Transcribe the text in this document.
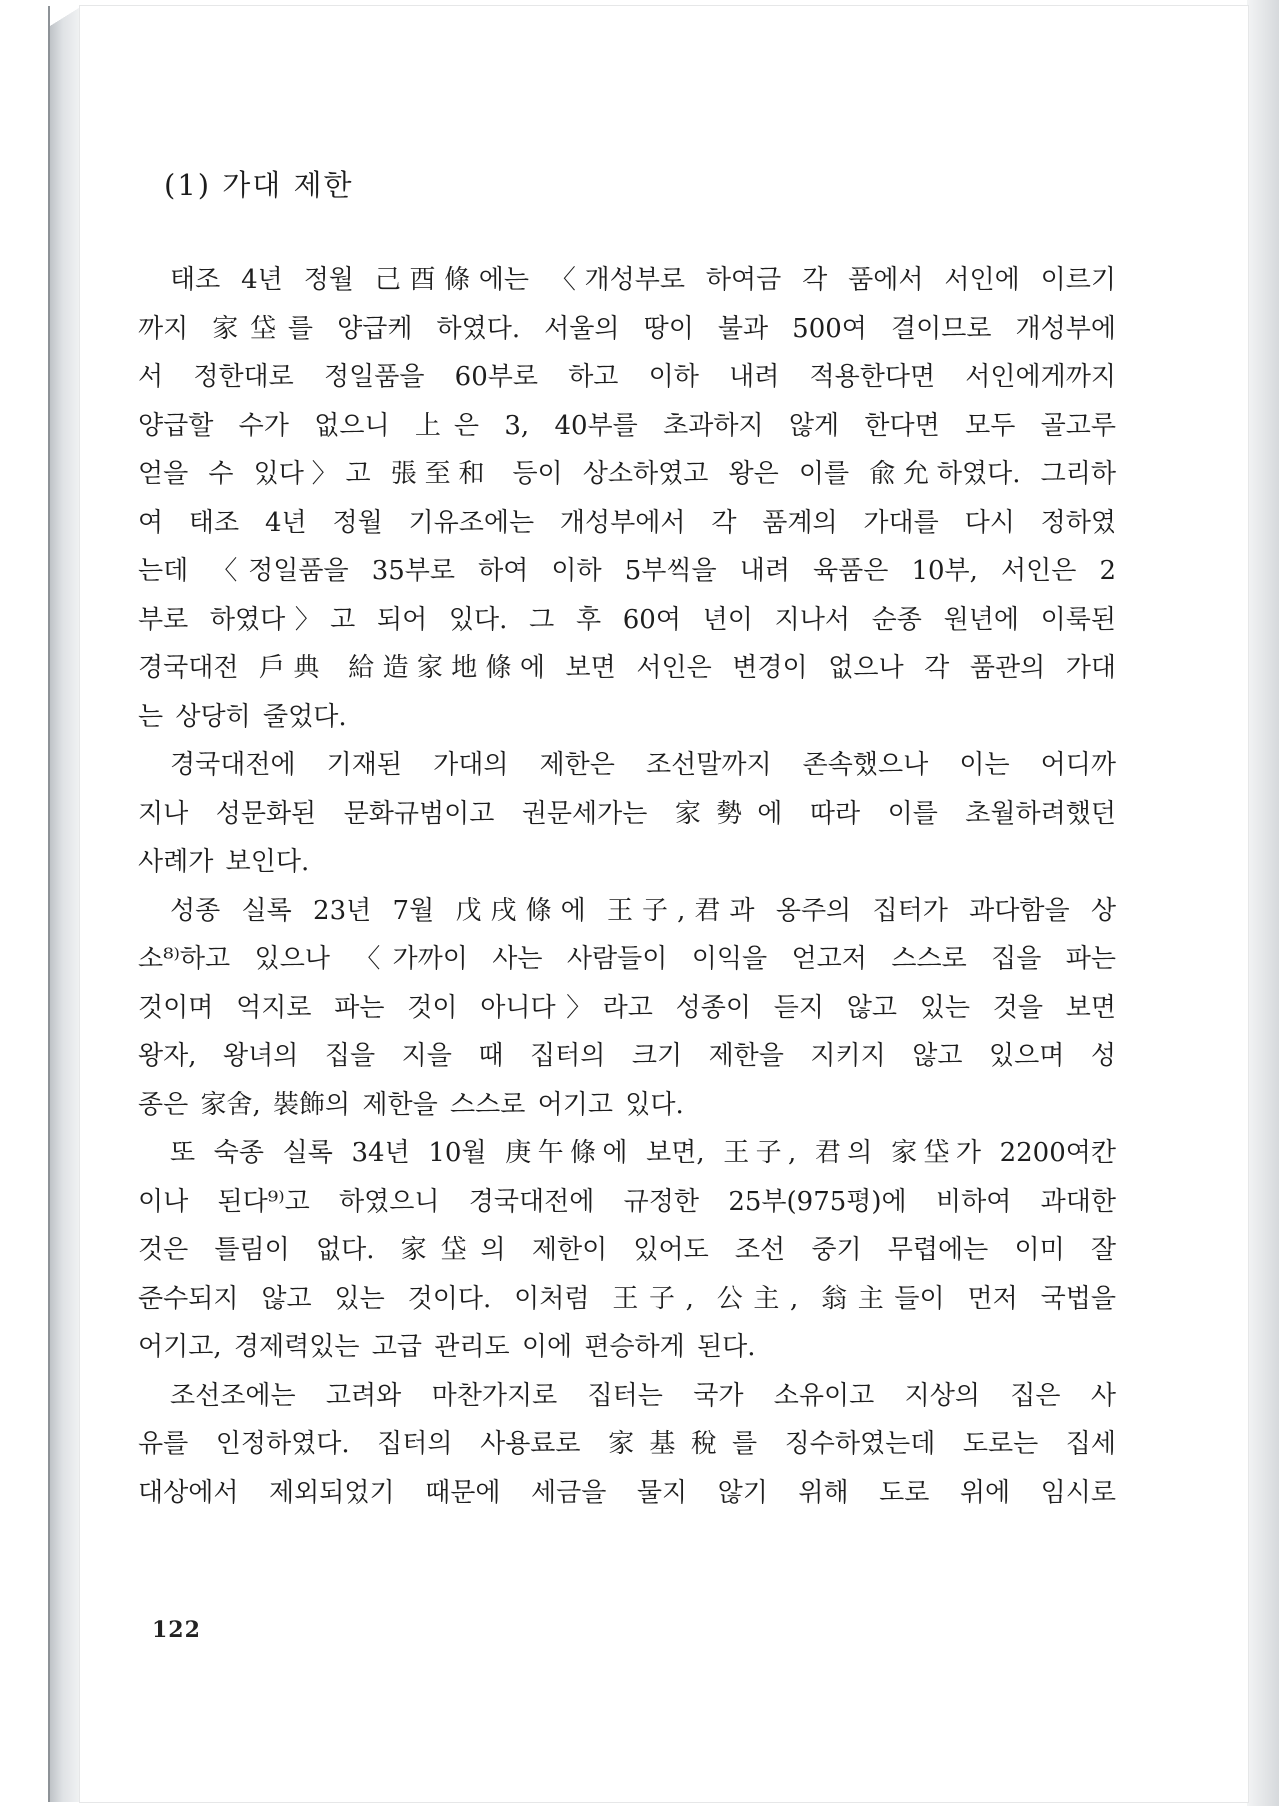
(1) 가대 제한
태조 4년 정월 己酉條에는 〈개성부로 하여금 각 품에서 서인에 이르기
까지 家垈를 양급케 하였다. 서울의 땅이 불과 500여 결이므로 개성부에
서 정한대로 정일품을 60부로 하고 이하 내려 적용한다면 서인에게까지
양급할 수가 없으니 上은 3, 40부를 초과하지 않게 한다면 모두 골고루
얻을 수 있다〉고 張至和 등이 상소하였고 왕은 이를 兪允하였다. 그리하
여 태조 4년 정월 기유조에는 개성부에서 각 품계의 가대를 다시 정하였
는데 〈정일품을 35부로 하여 이하 5부씩을 내려 육품은 10부, 서인은 2
부로 하였다〉고 되어 있다. 그 후 60여 년이 지나서 순종 원년에 이룩된
경국대전 戶典 給造家地條에 보면 서인은 변경이 없으나 각 품관의 가대
는 상당히 줄었다.
경국대전에 기재된 가대의 제한은 조선말까지 존속했으나 이는 어디까
지나 성문화된 문화규범이고 권문세가는 家勢에 따라 이를 초월하려했던
사례가 보인다.
성종 실록 23년 7월 戊戌條에 王子,君과 옹주의 집터가 과다함을 상
소⁸⁾하고 있으나 〈가까이 사는 사람들이 이익을 얻고저 스스로 집을 파는
것이며 억지로 파는 것이 아니다〉라고 성종이 듣지 않고 있는 것을 보면
왕자, 왕녀의 집을 지을 때 집터의 크기 제한을 지키지 않고 있으며 성
종은 家舍, 裝飾의 제한을 스스로 어기고 있다.
또 숙종 실록 34년 10월 庚午條에 보면, 王子, 君의 家垈가 2200여칸
이나 된다⁹⁾고 하였으니 경국대전에 규정한 25부(975평)에 비하여 과대한
것은 틀림이 없다. 家垈의 제한이 있어도 조선 중기 무렵에는 이미 잘
준수되지 않고 있는 것이다. 이처럼 王子, 公主, 翁主들이 먼저 국법을
어기고, 경제력있는 고급 관리도 이에 편승하게 된다.
조선조에는 고려와 마찬가지로 집터는 국가 소유이고 지상의 집은 사
유를 인정하였다. 집터의 사용료로 家基稅를 징수하였는데 도로는 집세
대상에서 제외되었기 때문에 세금을 물지 않기 위해 도로 위에 임시로
122
